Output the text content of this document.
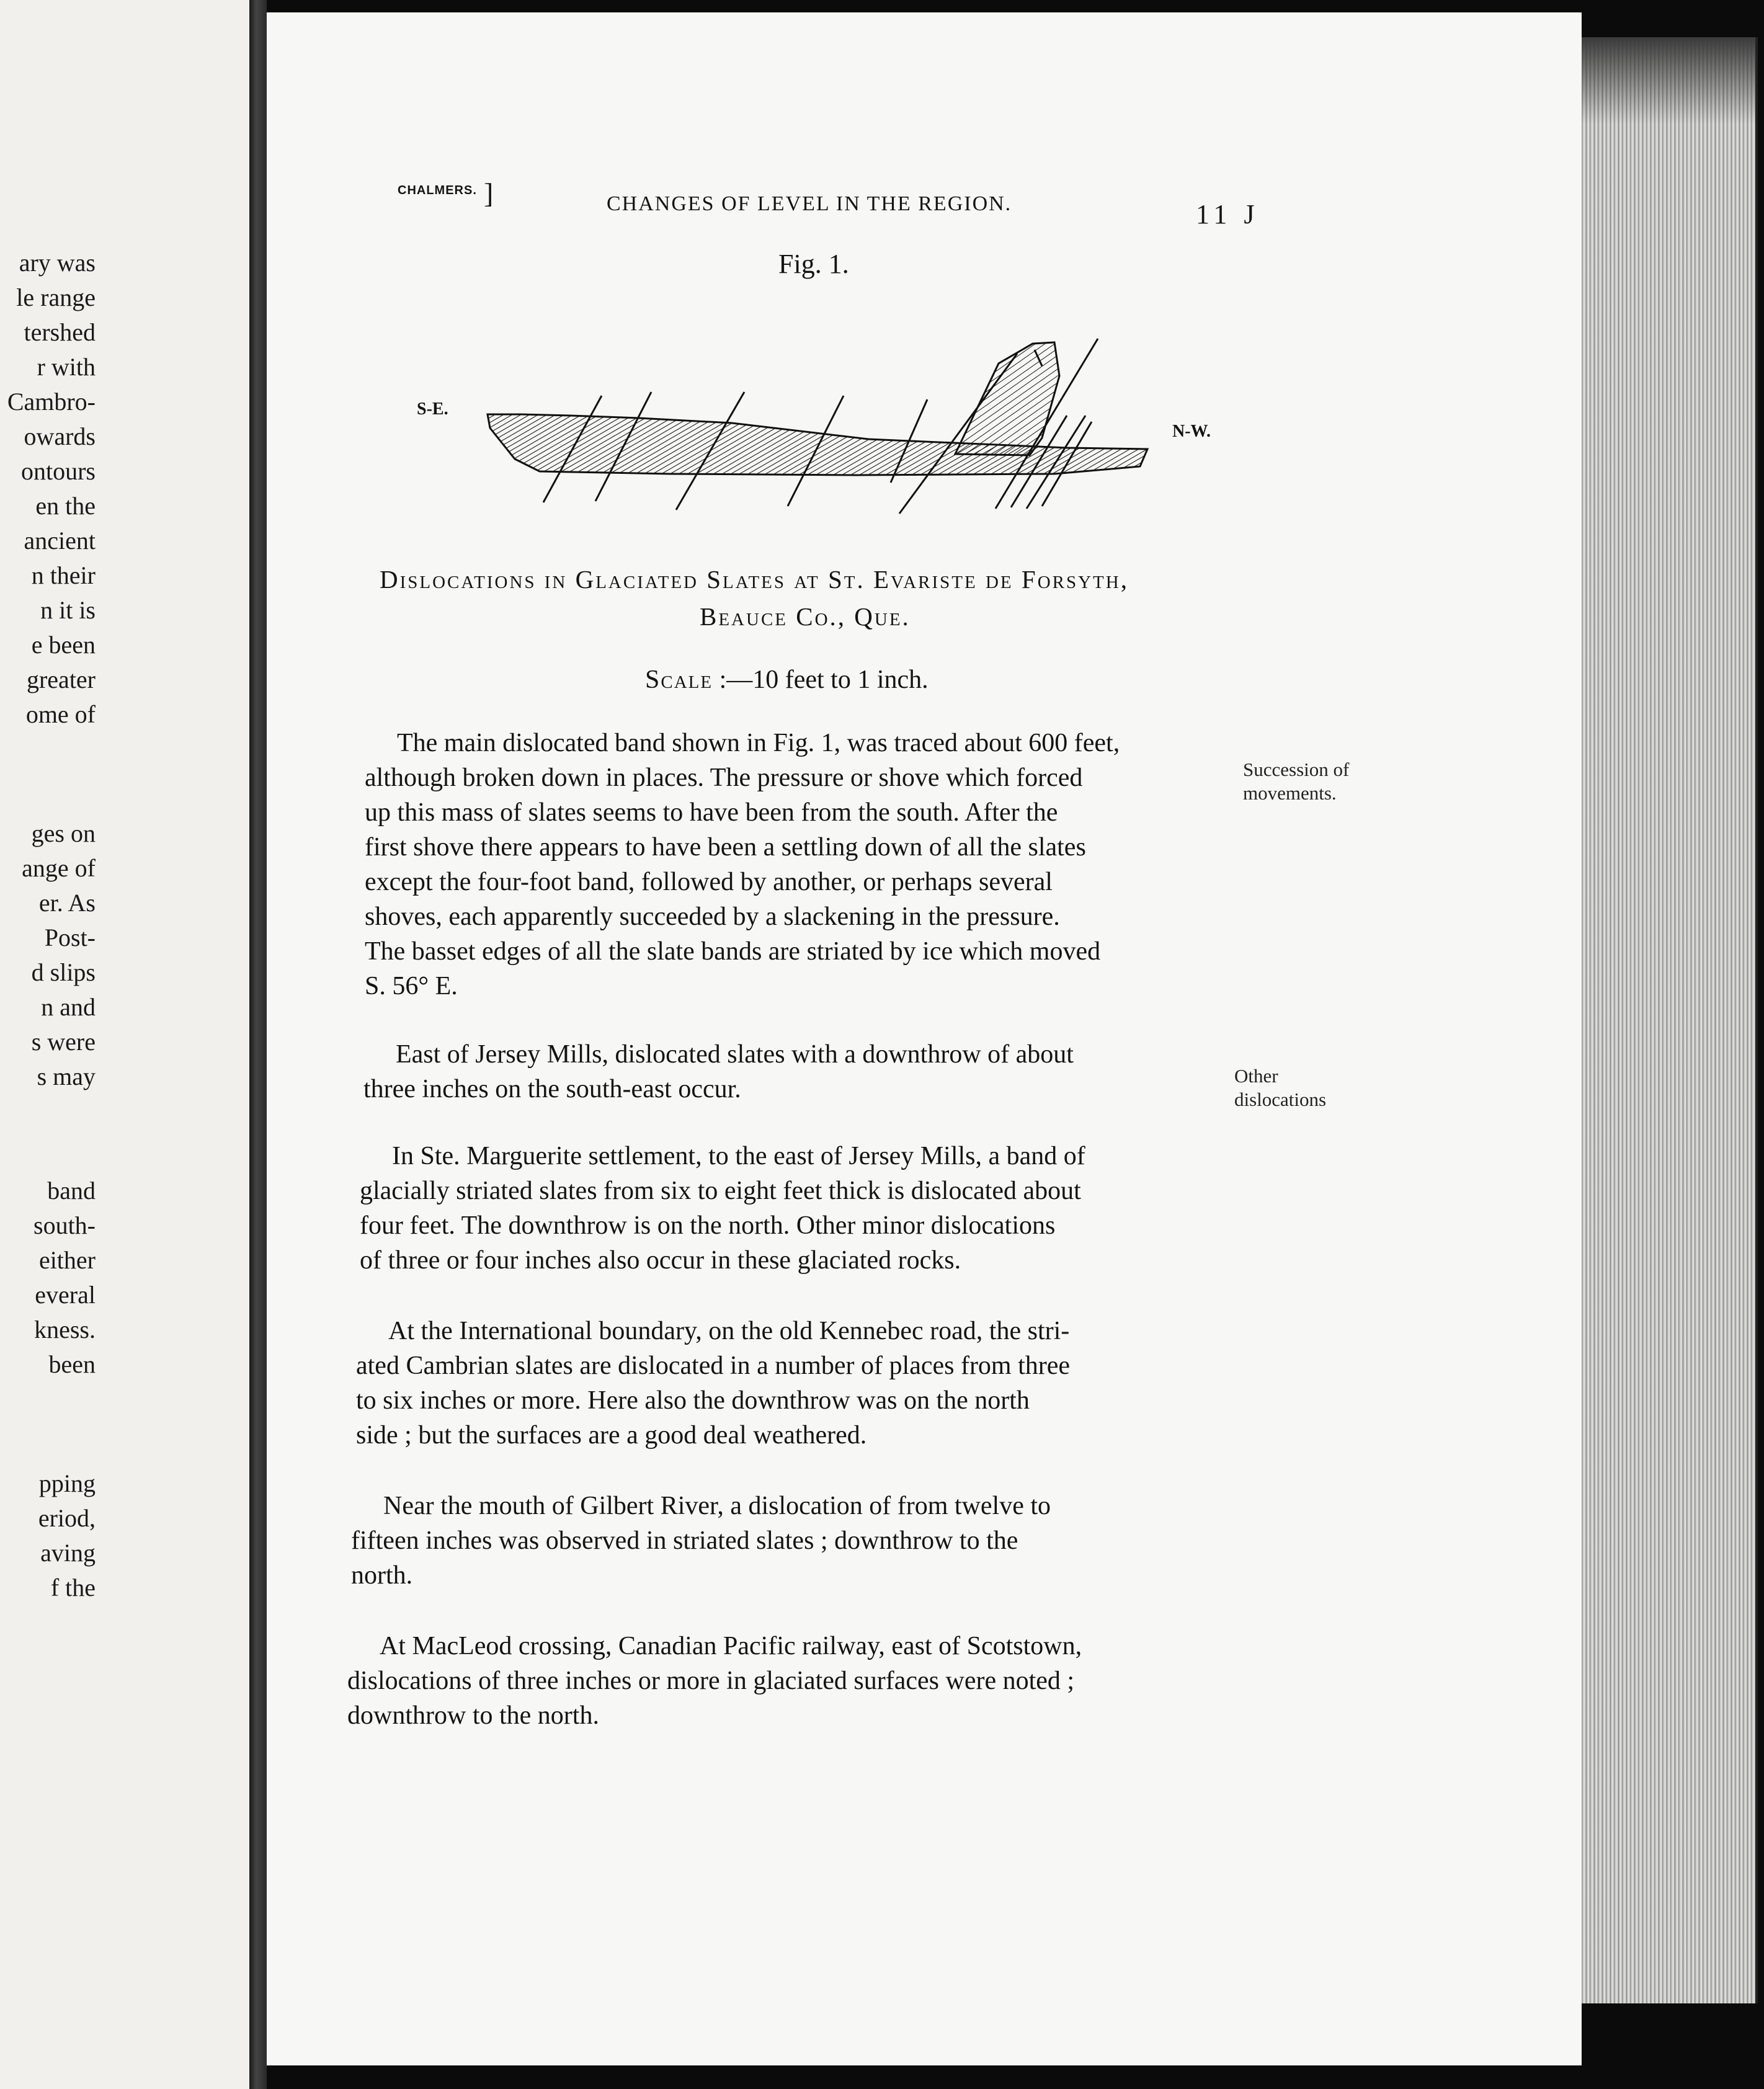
ary was
le range
tershed
r with
Cambro-
owards
ontours
en the
ancient
n their
n it is
e been
greater
ome of
ges on
ange of
er. As
Post-
d slips
n and
s were
s may
band
south-
either
everal
kness.
been
pping
eriod,
aving
f the
CHALMERS. ]	CHANGES OF LEVEL IN THE REGION.	11 J
Fig. 1.
S-E.
N-W.
Dislocations in Glaciated Slates at St. Evariste de Forsyth,
Beauce Co., Que.
Scale :—10 feet to 1 inch.
The main dislocated band shown in Fig. 1, was traced about 600 feet,
although broken down in places. The pressure or shove which forced
up this mass of slates seems to have been from the south. After the
first shove there appears to have been a settling down of all the slates
except the four-foot band, followed by another, or perhaps several
shoves, each apparently succeeded by a slackening in the pressure.
The basset edges of all the slate bands are striated by ice which moved
S. 56° E.
Succession of
movements.
East of Jersey Mills, dislocated slates with a downthrow of about
three inches on the south-east occur.	Other
dislocations
In Ste. Marguerite settlement, to the east of Jersey Mills, a band of
glacially striated slates from six to eight feet thick is dislocated about
four feet. The downthrow is on the north. Other minor dislocations
of three or four inches also occur in these glaciated rocks.
At the International boundary, on the old Kennebec road, the stri-
ated Cambrian slates are dislocated in a number of places from three
to six inches or more. Here also the downthrow was on the north
side ; but the surfaces are a good deal weathered.
Near the mouth of Gilbert River, a dislocation of from twelve to
fifteen inches was observed in striated slates ; downthrow to the
north.
At MacLeod crossing, Canadian Pacific railway, east of Scotstown,
dislocations of three inches or more in glaciated surfaces were noted ;
downthrow to the north.
